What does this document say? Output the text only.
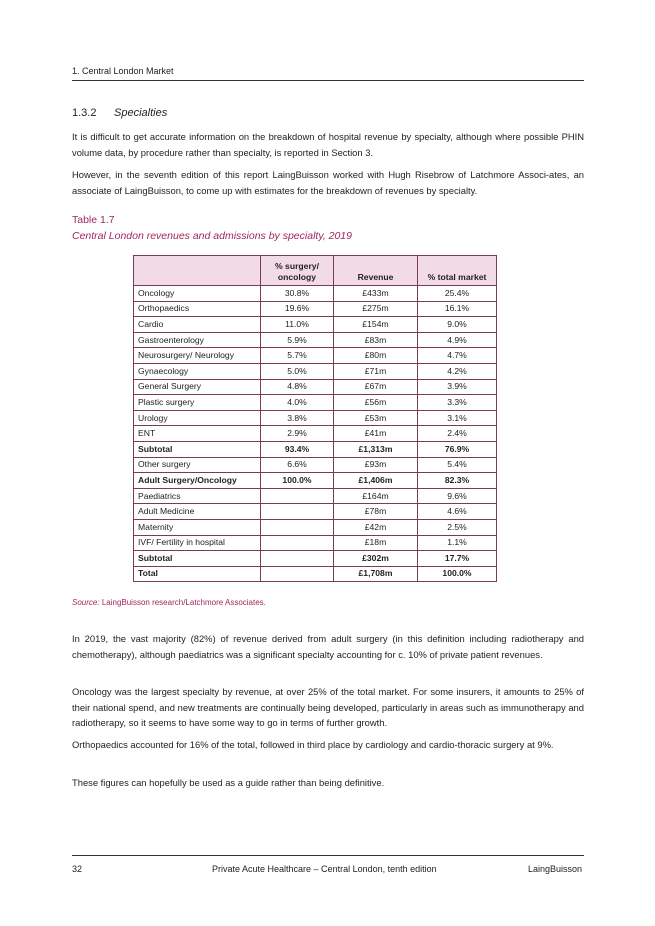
1. Central London Market
1.3.2 Specialties

It is difficult to get accurate information on the breakdown of hospital revenue by specialty, although where possible PHIN volume data, by procedure rather than specialty, is reported in Section 3.

However, in the seventh edition of this report LaingBuisson worked with Hugh Risebrow of Latchmore Associ-ates, an associate of LaingBuisson, to come up with estimates for the breakdown of revenues by specialty.

Table 1.7
Central London revenues and admissions by specialty, 2019
	% surgery/ oncology	Revenue	% total market
Oncology	30.8%	£433m	25.4%
Orthopaedics	19.6%	£275m	16.1%
Cardio	11.0%	£154m	9.0%
Gastroenterology	5.9%	£83m	4.9%
Neurosurgery/ Neurology	5.7%	£80m	4.7%
Gynaecology	5.0%	£71m	4.2%
General Surgery	4.8%	£67m	3.9%
Plastic surgery	4.0%	£56m	3.3%
Urology	3.8%	£53m	3.1%
ENT	2.9%	£41m	2.4%
Subtotal	93.4%	£1,313m	76.9%
Other surgery	6.6%	£93m	5.4%
Adult Surgery/Oncology	100.0%	£1,406m	82.3%
Paediatrics		£164m	9.6%
Adult Medicine		£78m	4.6%
Maternity		£42m	2.5%
IVF/ Fertility in hospital		£18m	1.1%
Subtotal		£302m	17.7%
Total		£1,708m	100.0%
Source: LaingBuisson research/Latchmore Associates.

In 2019, the vast majority (82%) of revenue derived from adult surgery (in this definition including radiotherapy and chemotherapy), although paediatrics was a significant specialty accounting for c. 10% of private patient revenues.

Oncology was the largest specialty by revenue, at over 25% of the total market. For some insurers, it amounts to 25% of their national spend, and new treatments are continually being developed, particularly in areas such as immunotherapy and radiotherapy, so it seems to have some way to go in terms of further growth.

Orthopaedics accounted for 16% of the total, followed in third place by cardiology and cardio-thoracic surgery at 9%.

These figures can hopefully be used as a guide rather than being definitive.

32	Private Acute Healthcare – Central London, tenth edition	LaingBuisson
